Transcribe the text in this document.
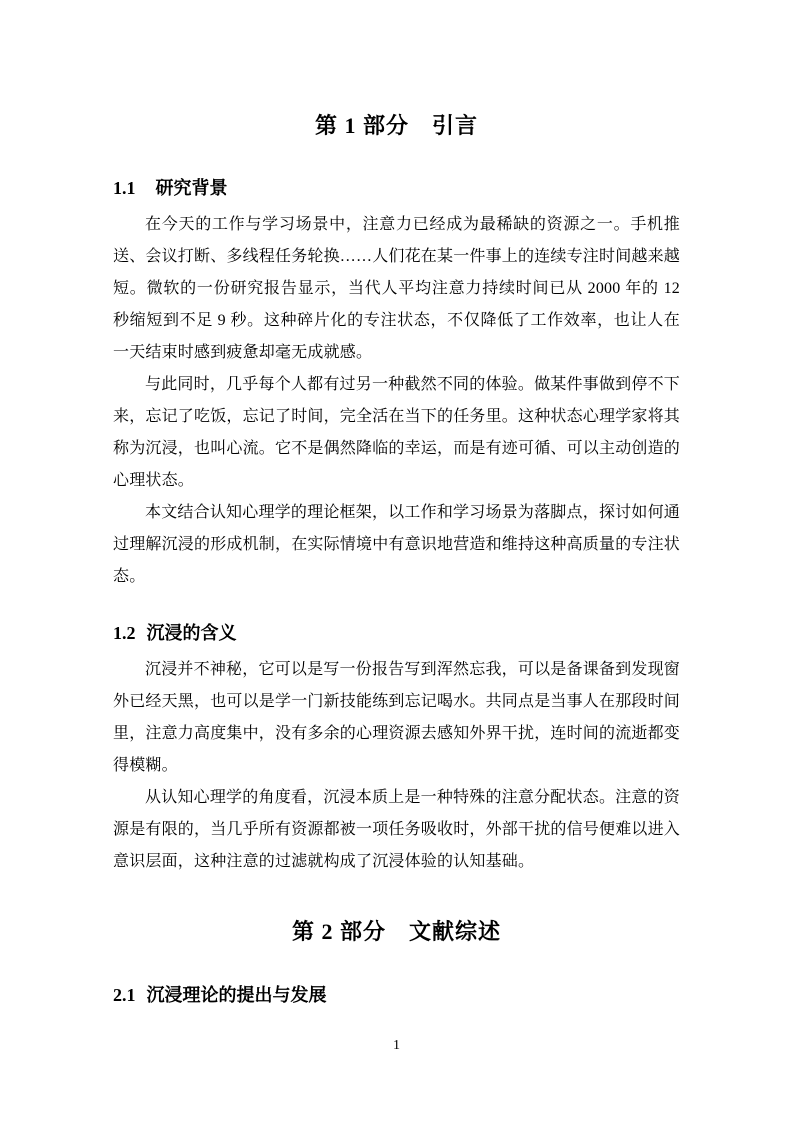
第 1 部分　引言
1.1 研究背景

在今天的工作与学习场景中，注意力已经成为最稀缺的资源之一。手机推送、会议打断、多线程任务轮换……人们花在某一件事上的连续专注时间越来越短。微软的一份研究报告显示，当代人平均注意力持续时间已从 2000 年的 12 秒缩短到不足 9 秒。这种碎片化的专注状态，不仅降低了工作效率，也让人在一天结束时感到疲惫却毫无成就感。

与此同时，几乎每个人都有过另一种截然不同的体验。做某件事做到停不下来，忘记了吃饭，忘记了时间，完全活在当下的任务里。这种状态心理学家将其称为沉浸，也叫心流。它不是偶然降临的幸运，而是有迹可循、可以主动创造的心理状态。

本文结合认知心理学的理论框架，以工作和学习场景为落脚点，探讨如何通过理解沉浸的形成机制，在实际情境中有意识地营造和维持这种高质量的专注状态。

1.2 沉浸的含义

沉浸并不神秘，它可以是写一份报告写到浑然忘我，可以是备课备到发现窗外已经天黑，也可以是学一门新技能练到忘记喝水。共同点是当事人在那段时间里，注意力高度集中，没有多余的心理资源去感知外界干扰，连时间的流逝都变得模糊。

从认知心理学的角度看，沉浸本质上是一种特殊的注意分配状态。注意的资源是有限的，当几乎所有资源都被一项任务吸收时，外部干扰的信号便难以进入意识层面，这种注意的过滤就构成了沉浸体验的认知基础。

第 2 部分　文献综述
2.1 沉浸理论的提出与发展
1
